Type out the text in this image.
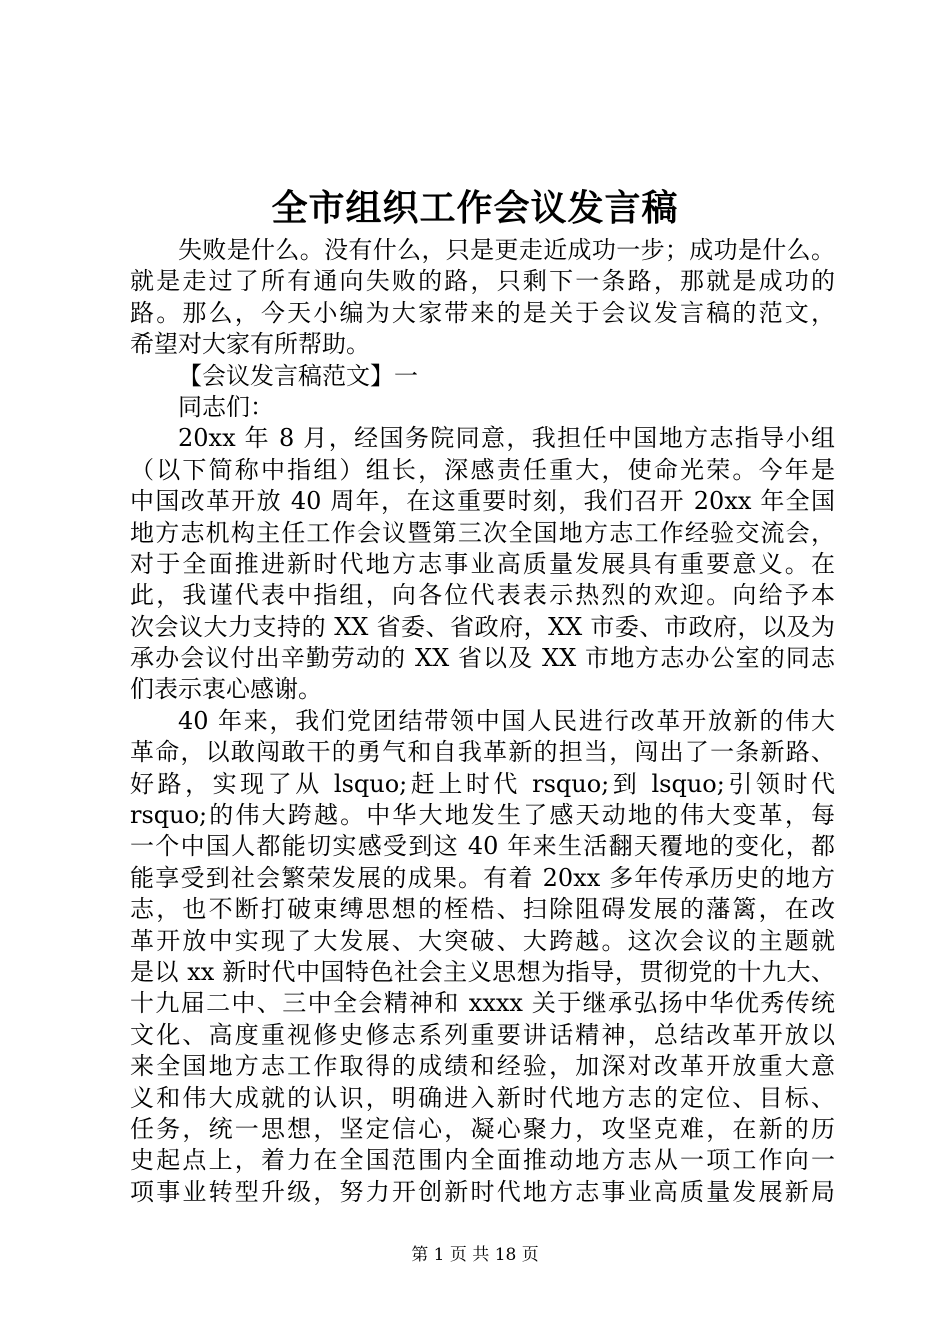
全市组织工作会议发言稿
失败是什么。没有什么，只是更走近成功一步；成功是什么。
就是走过了所有通向失败的路，只剩下一条路，那就是成功的
路。那么，今天小编为大家带来的是关于会议发言稿的范文，
希望对大家有所帮助。
【会议发言稿范文】一
同志们：
20xx 年 8 月，经国务院同意，我担任中国地方志指导小组
（以下简称中指组）组长，深感责任重大，使命光荣。今年是
中国改革开放 40 周年，在这重要时刻，我们召开 20xx 年全国
地方志机构主任工作会议暨第三次全国地方志工作经验交流会，
对于全面推进新时代地方志事业高质量发展具有重要意义。在
此，我谨代表中指组，向各位代表表示热烈的欢迎。向给予本
次会议大力支持的 XX 省委、省政府，XX 市委、市政府，以及为
承办会议付出辛勤劳动的 XX 省以及 XX 市地方志办公室的同志
们表示衷心感谢。
40 年来，我们党团结带领中国人民进行改革开放新的伟大
革命，以敢闯敢干的勇气和自我革新的担当，闯出了一条新路、
好路，实现了从 lsquo;赶上时代 rsquo;到 lsquo;引领时代
rsquo;的伟大跨越。中华大地发生了感天动地的伟大变革，每
一个中国人都能切实感受到这 40 年来生活翻天覆地的变化，都
能享受到社会繁荣发展的成果。有着 20xx 多年传承历史的地方
志，也不断打破束缚思想的桎梏、扫除阻碍发展的藩篱，在改
革开放中实现了大发展、大突破、大跨越。这次会议的主题就
是以 xx 新时代中国特色社会主义思想为指导，贯彻党的十九大、
十九届二中、三中全会精神和 xxxx 关于继承弘扬中华优秀传统
文化、高度重视修史修志系列重要讲话精神，总结改革开放以
来全国地方志工作取得的成绩和经验，加深对改革开放重大意
义和伟大成就的认识，明确进入新时代地方志的定位、目标、
任务，统一思想，坚定信心，凝心聚力，攻坚克难，在新的历
史起点上，着力在全国范围内全面推动地方志从一项工作向一
项事业转型升级，努力开创新时代地方志事业高质量发展新局
第 1 页 共 18 页
